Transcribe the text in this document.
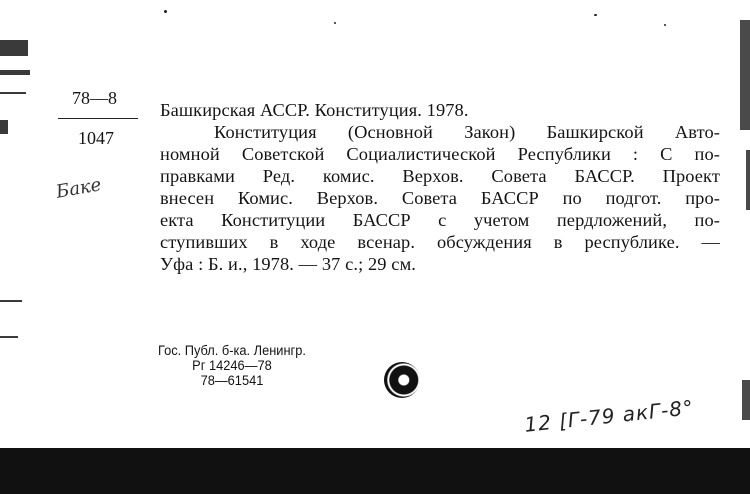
78—8
1047
Баке
Башкирская АССР. Конституция. 1978.
Конституция (Основной Закон) Башкирской Авто-
номной Советской Социалистической Республики : С по-
правками Ред. комис. Верхов. Совета БАССР. Проект
внесен Комис. Верхов. Совета БАССР по подгот. про-
екта Конституции БАССР с учетом пердложений, по-
ступивших в ходе всенар. обсуждения в республике. —
Уфа : Б. и., 1978. — 37 с.; 29 см.
Гос. Публ. б-ка. Ленингр.
Рг 14246—78
78—61541
12 [Г-79 акГ-8°
